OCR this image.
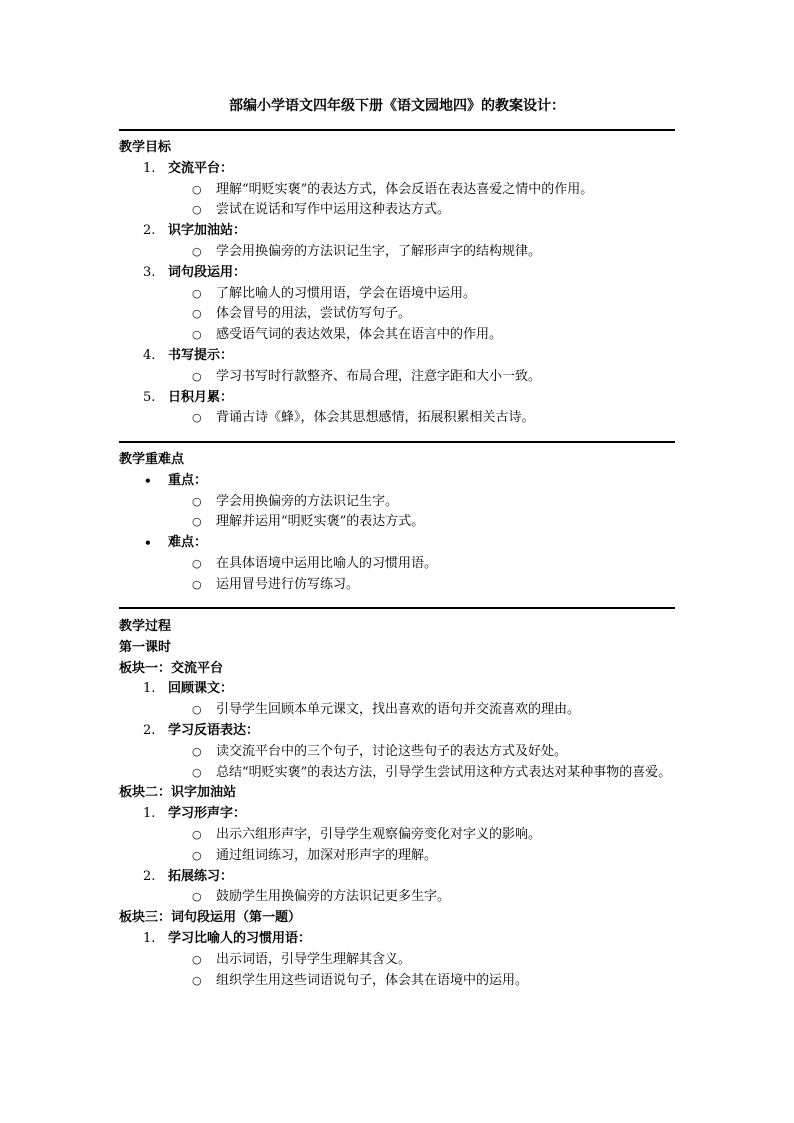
部编小学语文四年级下册《语文园地四》的教案设计：
教学目标
1. 交流平台：
○ 理解“明贬实褒”的表达方式，体会反语在表达喜爱之情中的作用。
○ 尝试在说话和写作中运用这种表达方式。
2. 识字加油站：
○ 学会用换偏旁的方法识记生字，了解形声字的结构规律。
3. 词句段运用：
○ 了解比喻人的习惯用语，学会在语境中运用。
○ 体会冒号的用法，尝试仿写句子。
○ 感受语气词的表达效果，体会其在语言中的作用。
4. 书写提示：
○ 学习书写时行款整齐、布局合理，注意字距和大小一致。
5. 日积月累：
○ 背诵古诗《蜂》，体会其思想感情，拓展积累相关古诗。
教学重难点
• 重点：
○ 学会用换偏旁的方法识记生字。
○ 理解并运用“明贬实褒”的表达方式。
• 难点：
○ 在具体语境中运用比喻人的习惯用语。
○ 运用冒号进行仿写练习。
教学过程
第一课时
板块一：交流平台
1. 回顾课文：
○ 引导学生回顾本单元课文，找出喜欢的语句并交流喜欢的理由。
2. 学习反语表达：
○ 读交流平台中的三个句子，讨论这些句子的表达方式及好处。
○ 总结“明贬实褒”的表达方法，引导学生尝试用这种方式表达对某种事物的喜爱。
板块二：识字加油站
1. 学习形声字：
○ 出示六组形声字，引导学生观察偏旁变化对字义的影响。
○ 通过组词练习，加深对形声字的理解。
2. 拓展练习：
○ 鼓励学生用换偏旁的方法识记更多生字。
板块三：词句段运用（第一题）
1. 学习比喻人的习惯用语：
○ 出示词语，引导学生理解其含义。
○ 组织学生用这些词语说句子，体会其在语境中的运用。
